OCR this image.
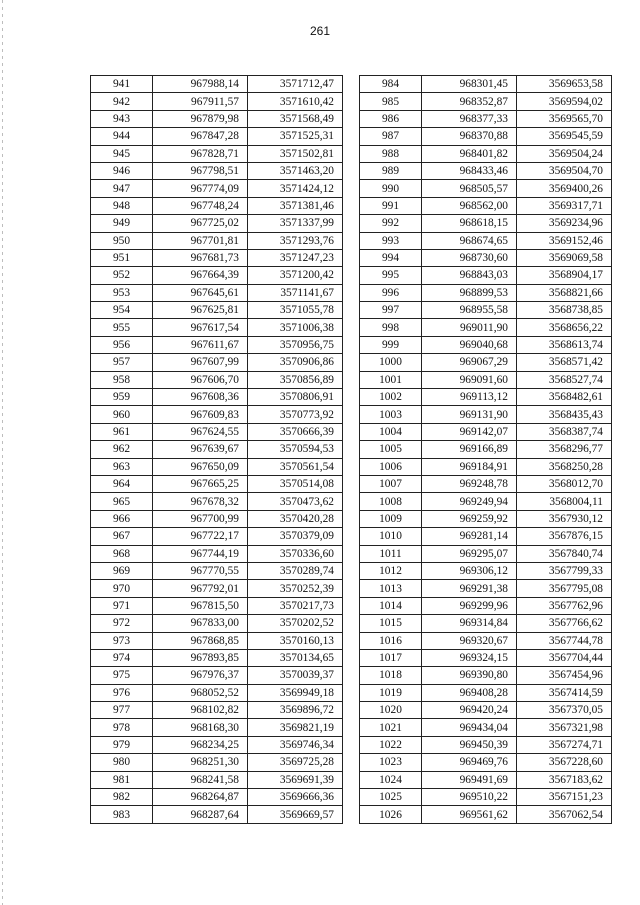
261
941	967988,14	3571712,47
942	967911,57	3571610,42
943	967879,98	3571568,49
944	967847,28	3571525,31
945	967828,71	3571502,81
946	967798,51	3571463,20
947	967774,09	3571424,12
948	967748,24	3571381,46
949	967725,02	3571337,99
950	967701,81	3571293,76
951	967681,73	3571247,23
952	967664,39	3571200,42
953	967645,61	3571141,67
954	967625,81	3571055,78
955	967617,54	3571006,38
956	967611,67	3570956,75
957	967607,99	3570906,86
958	967606,70	3570856,89
959	967608,36	3570806,91
960	967609,83	3570773,92
961	967624,55	3570666,39
962	967639,67	3570594,53
963	967650,09	3570561,54
964	967665,25	3570514,08
965	967678,32	3570473,62
966	967700,99	3570420,28
967	967722,17	3570379,09
968	967744,19	3570336,60
969	967770,55	3570289,74
970	967792,01	3570252,39
971	967815,50	3570217,73
972	967833,00	3570202,52
973	967868,85	3570160,13
974	967893,85	3570134,65
975	967976,37	3570039,37
976	968052,52	3569949,18
977	968102,82	3569896,72
978	968168,30	3569821,19
979	968234,25	3569746,34
980	968251,30	3569725,28
981	968241,58	3569691,39
982	968264,87	3569666,36
983	968287,64	3569669,57
984	968301,45	3569653,58
985	968352,87	3569594,02
986	968377,33	3569565,70
987	968370,88	3569545,59
988	968401,82	3569504,24
989	968433,46	3569504,70
990	968505,57	3569400,26
991	968562,00	3569317,71
992	968618,15	3569234,96
993	968674,65	3569152,46
994	968730,60	3569069,58
995	968843,03	3568904,17
996	968899,53	3568821,66
997	968955,58	3568738,85
998	969011,90	3568656,22
999	969040,68	3568613,74
1000	969067,29	3568571,42
1001	969091,60	3568527,74
1002	969113,12	3568482,61
1003	969131,90	3568435,43
1004	969142,07	3568387,74
1005	969166,89	3568296,77
1006	969184,91	3568250,28
1007	969248,78	3568012,70
1008	969249,94	3568004,11
1009	969259,92	3567930,12
1010	969281,14	3567876,15
1011	969295,07	3567840,74
1012	969306,12	3567799,33
1013	969291,38	3567795,08
1014	969299,96	3567762,96
1015	969314,84	3567766,62
1016	969320,67	3567744,78
1017	969324,15	3567704,44
1018	969390,80	3567454,96
1019	969408,28	3567414,59
1020	969420,24	3567370,05
1021	969434,04	3567321,98
1022	969450,39	3567274,71
1023	969469,76	3567228,60
1024	969491,69	3567183,62
1025	969510,22	3567151,23
1026	969561,62	3567062,54
